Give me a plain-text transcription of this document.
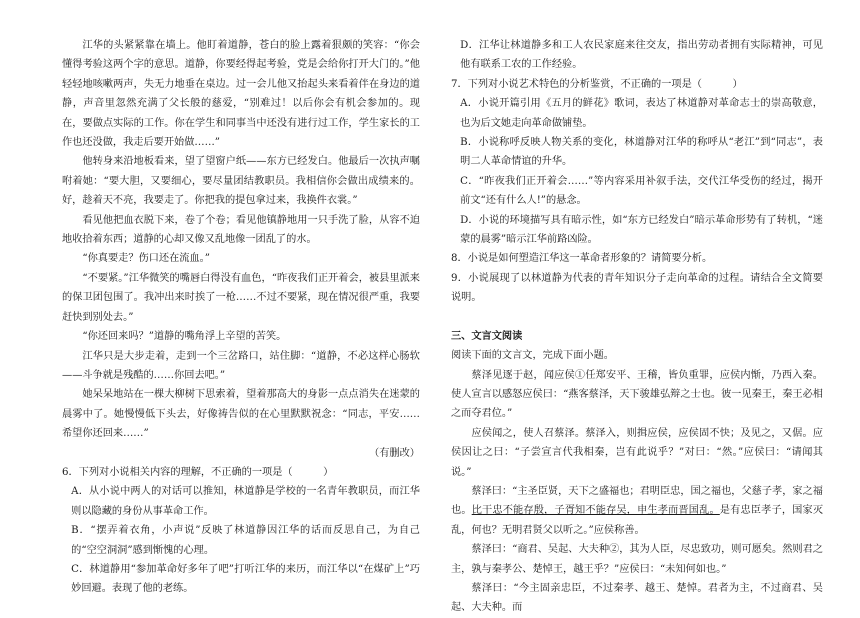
江华的头紧紧靠在墙上。他盯着道静，苍白的脸上露着狠颇的笑容：“你会懂得考验这两个字的意思。道静，你要经得起考验，党是会给你打开大门的。”他轻轻地咳嗽两声，失无力地垂在桌边。过一会儿他又抬起头来看着伴在身边的道静，声音里忽然充满了父长般的慈爱，“别难过！以后你会有机会参加的。现在，要做点实际的工作。你在学生和同事当中还没有进行过工作，学生家长的工作也还没做，我走后要开始做……”

他转身来沿地板看来，望了望窗户纸——东方已经发白。他最后一次执声嘱咐着她：“要大胆，又要细心，要尽量团结教职员。我相信你会做出成绩来的。好，趁着天不亮，我要走了。你把我的提包拿过来，我换件衣裳。”

看见他把血衣脱下来，卷了个卷；看见他镇静地用一只手洗了脸，从容不迫地收拾着东西；道静的心却又像又乱地像一团乱了的水。

“你真要走？伤口还在流血。”

“不要紧。”江华微笑的嘴唇白得没有血色，“昨夜我们正开着会，被县里派来的保卫团包围了。我冲出来时挨了一枪……不过不要紧，现在情况很严重，我要赶快到别处去。”

“你还回来吗？”道静的嘴角浮上辛望的苦笑。

江华只是大步走着，走到一个三岔路口，站住脚：“道静，不必这样心肠软——斗争就是残酷的……你回去吧。”

她呆呆地站在一棵大柳树下思索着，望着那高大的身影一点点消失在迷蒙的晨雾中了。她慢慢低下头去，好像祷告似的在心里默默祝念：“同志，平安……希望你还回来……”

（有删改）

6．下列对小说相关内容的理解，不正确的一项是（　　　）

A．从小说中两人的对话可以推知，林道静是学校的一名青年教职员，而江华则以隐藏的身份从事革命工作。

B．“摆弄着衣角，小声说”反映了林道静因江华的话而反思自己，为自己的“空空洞洞”感到惭愧的心理。

C．林道静用“参加革命好多年了吧”打听江华的来历，而江华以“在煤矿上”巧妙回避。表现了他的老练。

D．江华让林道静多和工人农民家庭来往交友，指出劳动者拥有实际精神，可见他有联系工农的工作经验。

7．下列对小说艺术特色的分析鉴赏，不正确的一项是（　　　）

A．小说开篇引用《五月的鲜花》歌词，表达了林道静对革命志士的崇高敬意，也为后文她走向革命做铺垫。

B．小说称呼反映人物关系的变化，林道静对江华的称呼从“老江”到“同志”，表明二人革命情谊的升华。

C．“昨夜我们正开着会……”等内容采用补叙手法，交代江华受伤的经过，揭开前文“还有什么人!”的悬念。

D．小说的环境描写具有暗示性，如“东方已经发白”暗示革命形势有了转机，“迷蒙的晨雾”暗示江华前路凶险。

8．小说是如何塑造江华这一革命者形象的？请简要分析。

9．小说展现了以林道静为代表的青年知识分子走向革命的过程。请结合全文简要说明。

三、文言文阅读

阅读下面的文言文，完成下面小题。

蔡泽见逐于赵，闻应侯①任郑安平、王稽，皆负重罪，应侯内惭，乃西入秦。使人宣言以感怒应侯曰：“燕客蔡泽，天下骏雄弘辩之士也。彼一见秦王，秦王必相之而夺君位。”

应侯闻之，使人召蔡泽。蔡泽入，则揖应侯，应侯固不快；及见之，又倨。应侯因让之曰：“子尝宣言代我相秦，岂有此说乎？”对曰：“然。”应侯曰：“请闻其说。”

蔡泽曰：“主圣臣贤，天下之盛福也；君明臣忠，国之福也，父慈子孝，家之福也。比干忠不能存殷，子胥知不能存吴，申生孝而晋国乱。是有忠臣孝子，国家灭乱，何也？无明君贤父以听之。”应侯称善。

蔡泽曰：“商君、吴起、大夫种②，其为人臣，尽忠致功，则可愿矣。然则君之主，孰与秦孝公、楚悼王，越王乎？”应侯曰：“未知何如也。”

蔡泽曰：“今主固亲忠臣，不过秦孝、越王、楚悼。君者为主，不过商君、吴起、大夫种。而
